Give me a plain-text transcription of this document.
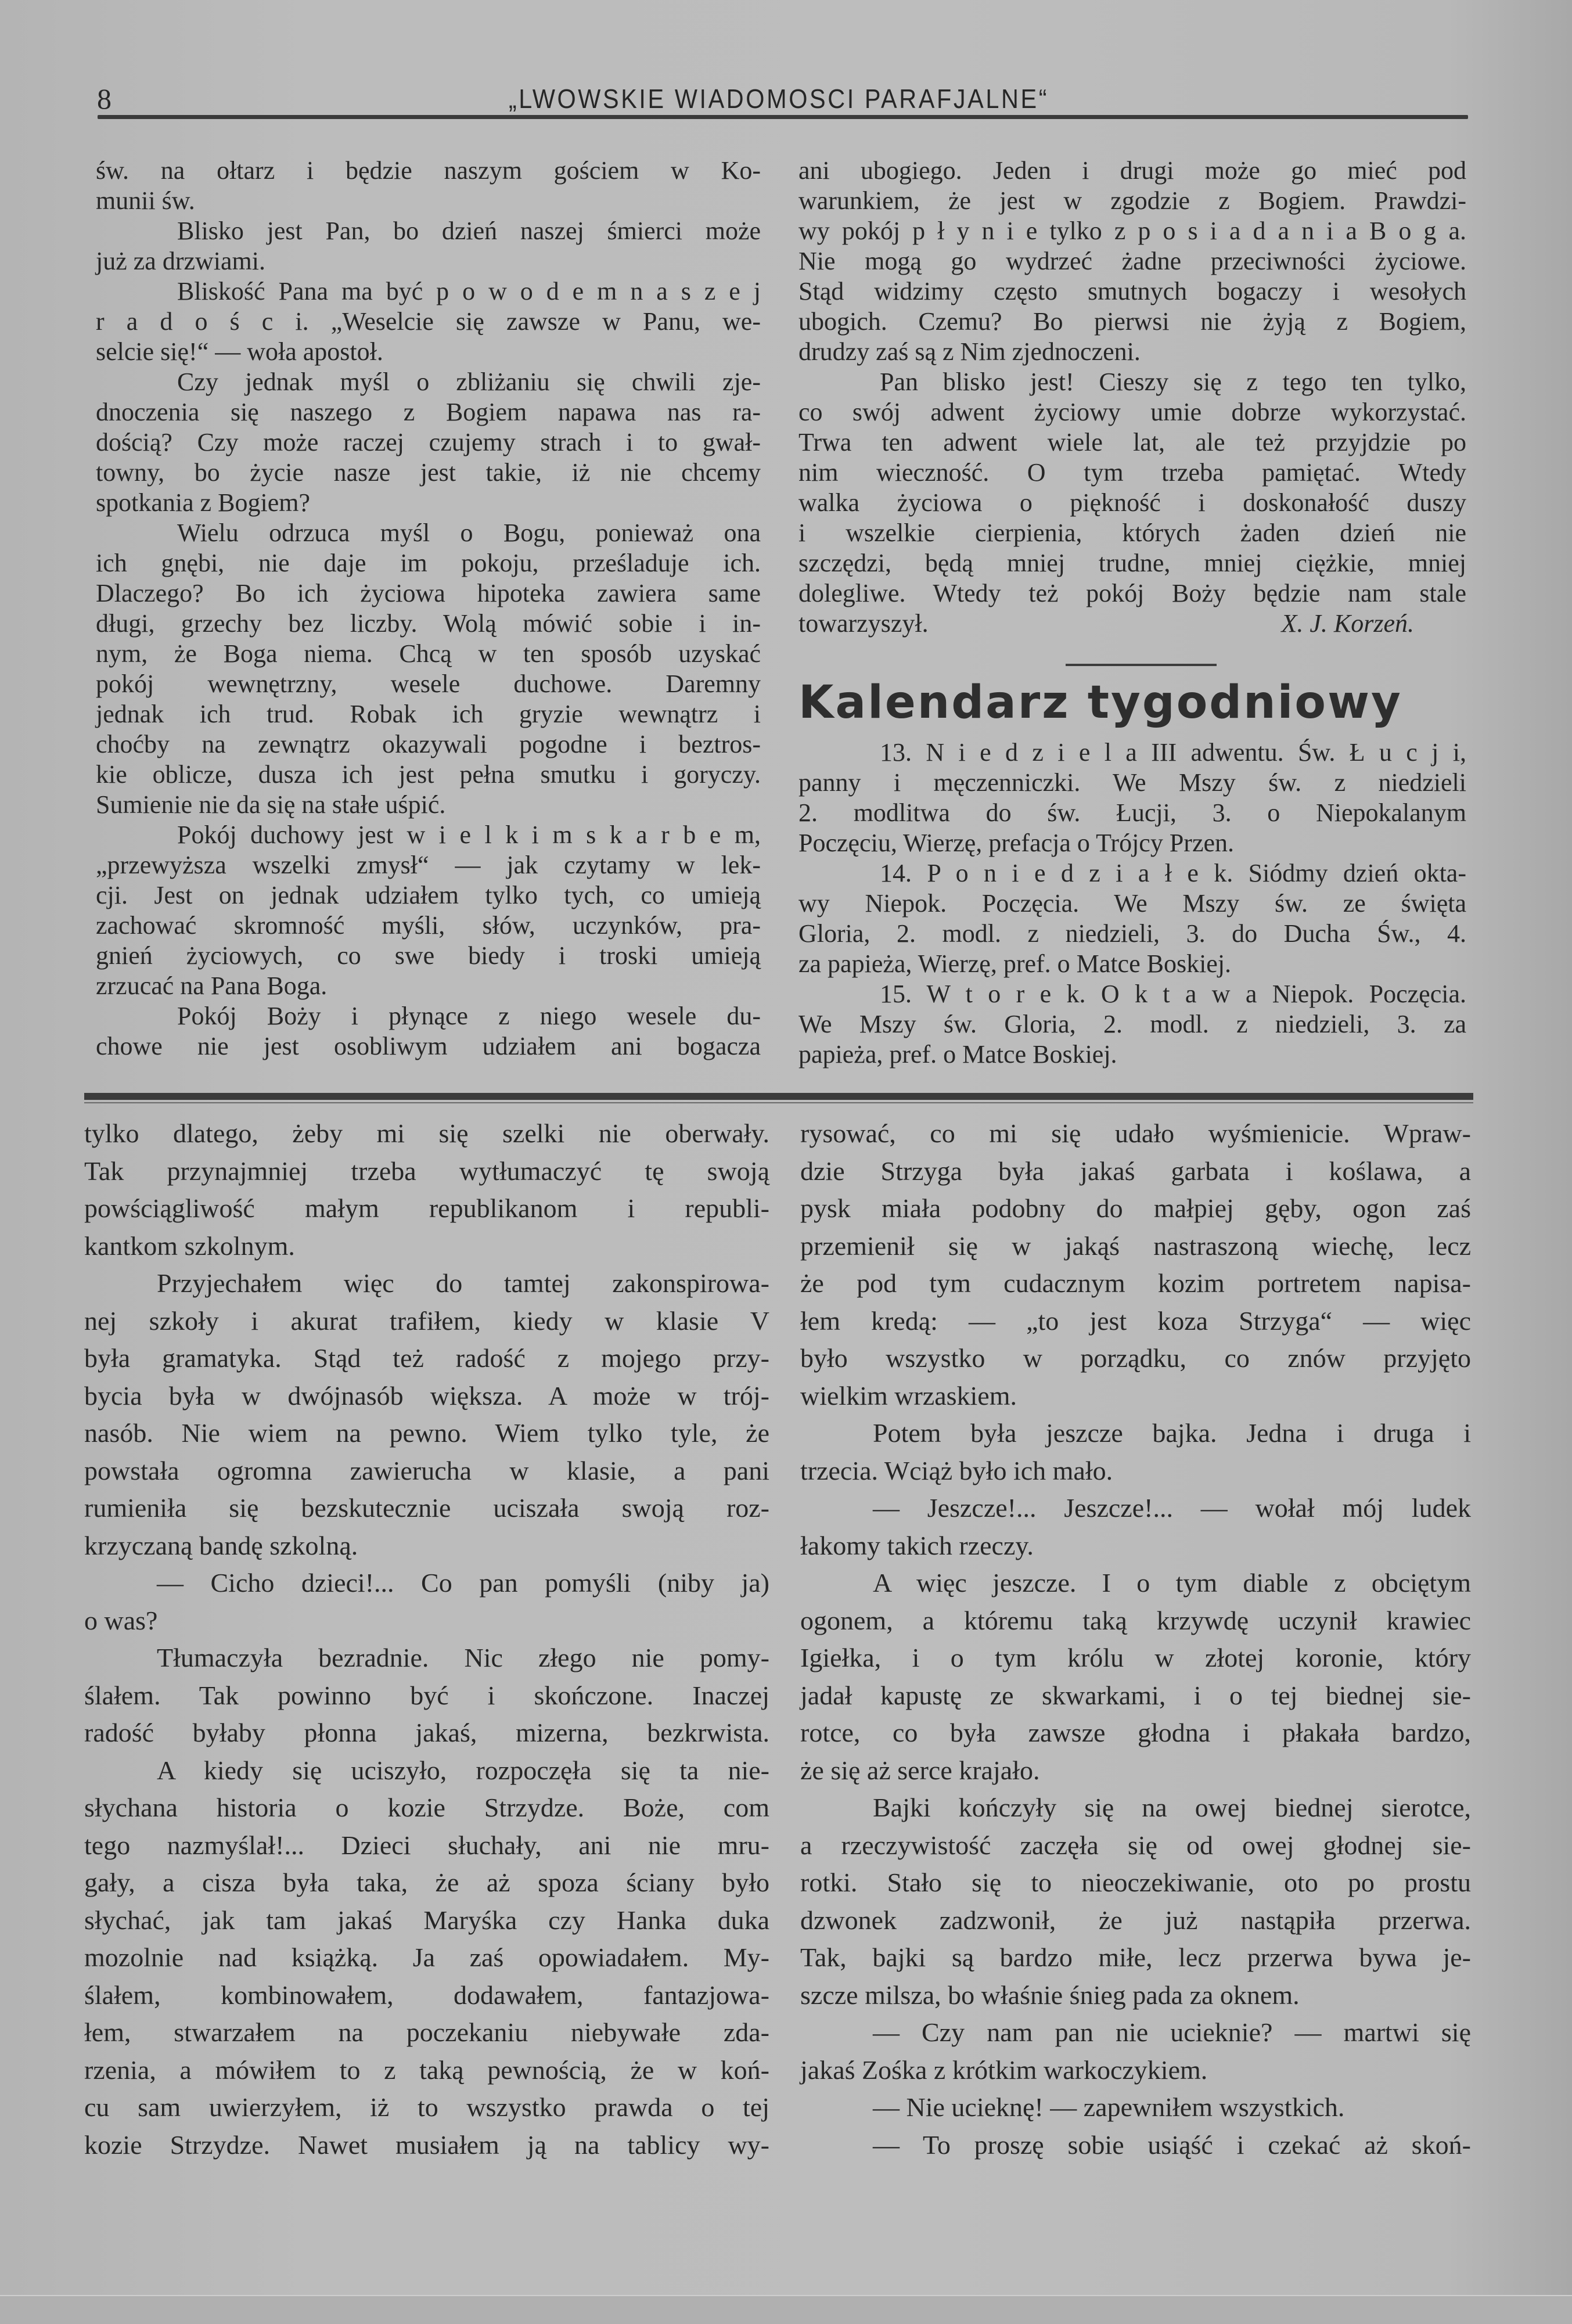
8	„LWOWSKIE WIADOMOSCI PARAFJALNE“
św. na ołtarz i będzie naszym gościem w Ko-
munii św.
Blisko jest Pan, bo dzień naszej śmierci może
już za drzwiami.
Bliskość Pana ma być p o w o d e m n a s z e j
r a d o ś c i. „Weselcie się zawsze w Panu, we-
selcie się!“ — woła apostoł.
Czy jednak myśl o zbliżaniu się chwili zje-
dnoczenia się naszego z Bogiem napawa nas ra-
dością? Czy może raczej czujemy strach i to gwał-
towny, bo życie nasze jest takie, iż nie chcemy
spotkania z Bogiem?
Wielu odrzuca myśl o Bogu, ponieważ ona
ich gnębi, nie daje im pokoju, prześladuje ich.
Dlaczego? Bo ich życiowa hipoteka zawiera same
długi, grzechy bez liczby. Wolą mówić sobie i in-
nym, że Boga niema. Chcą w ten sposób uzyskać
pokój wewnętrzny, wesele duchowe. Daremny
jednak ich trud. Robak ich gryzie wewnątrz i
choćby na zewnątrz okazywali pogodne i beztros-
kie oblicze, dusza ich jest pełna smutku i goryczy.
Sumienie nie da się na stałe uśpić.
Pokój duchowy jest w i e l k i m s k a r b e m,
„przewyższa wszelki zmysł“ — jak czytamy w lek-
cji. Jest on jednak udziałem tylko tych, co umieją
zachować skromność myśli, słów, uczynków, pra-
gnień życiowych, co swe biedy i troski umieją
zrzucać na Pana Boga.
Pokój Boży i płynące z niego wesele du-
chowe nie jest osobliwym udziałem ani bogacza
ani ubogiego. Jeden i drugi może go mieć pod
warunkiem, że jest w zgodzie z Bogiem. Prawdzi-
wy pokój p ł y n i e tylko z p o s i a d a n i a B o g a.
Nie mogą go wydrzeć żadne przeciwności życiowe.
Stąd widzimy często smutnych bogaczy i wesołych
ubogich. Czemu? Bo pierwsi nie żyją z Bogiem,
drudzy zaś są z Nim zjednoczeni.
Pan blisko jest! Cieszy się z tego ten tylko,
co swój adwent życiowy umie dobrze wykorzystać.
Trwa ten adwent wiele lat, ale też przyjdzie po
nim wieczność. O tym trzeba pamiętać. Wtedy
walka życiowa o piękność i doskonałość duszy
i wszelkie cierpienia, których żaden dzień nie
szczędzi, będą mniej trudne, mniej ciężkie, mniej
dolegliwe. Wtedy też pokój Boży będzie nam stale
towarzyszył.	X. J. Korzeń.
Kalendarz tygodniowy
13. N i e d z i e l a III adwentu. Św. Ł u c j i,
panny i męczenniczki. We Mszy św. z niedzieli
2. modlitwa do św. Łucji, 3. o Niepokalanym
Poczęciu, Wierzę, prefacja o Trójcy Przen.
14. P o n i e d z i a ł e k. Siódmy dzień okta-
wy Niepok. Poczęcia. We Mszy św. ze święta
Gloria, 2. modl. z niedzieli, 3. do Ducha Św., 4.
za papieża, Wierzę, pref. o Matce Boskiej.
15. W t o r e k. O k t a w a Niepok. Poczęcia.
We Mszy św. Gloria, 2. modl. z niedzieli, 3. za
papieża, pref. o Matce Boskiej.
tylko dlatego, żeby mi się szelki nie oberwały.
Tak przynajmniej trzeba wytłumaczyć tę swoją
powściągliwość małym republikanom i republi-
kantkom szkolnym.
Przyjechałem więc do tamtej zakonspirowa-
nej szkoły i akurat trafiłem, kiedy w klasie V
była gramatyka. Stąd też radość z mojego przy-
bycia była w dwójnasób większa. A może w trój-
nasób. Nie wiem na pewno. Wiem tylko tyle, że
powstała ogromna zawierucha w klasie, a pani
rumieniła się bezskutecznie uciszała swoją roz-
krzyczaną bandę szkolną.
— Cicho dzieci!... Co pan pomyśli (niby ja)
o was?
Tłumaczyła bezradnie. Nic złego nie pomy-
ślałem. Tak powinno być i skończone. Inaczej
radość byłaby płonna jakaś, mizerna, bezkrwista.
A kiedy się uciszyło, rozpoczęła się ta nie-
słychana historia o kozie Strzydze. Boże, com
tego nazmyślał!... Dzieci słuchały, ani nie mru-
gały, a cisza była taka, że aż spoza ściany było
słychać, jak tam jakaś Maryśka czy Hanka duka
mozolnie nad książką. Ja zaś opowiadałem. My-
ślałem, kombinowałem, dodawałem, fantazjowa-
łem, stwarzałem na poczekaniu niebywałe zda-
rzenia, a mówiłem to z taką pewnością, że w koń-
cu sam uwierzyłem, iż to wszystko prawda o tej
kozie Strzydze. Nawet musiałem ją na tablicy wy-
rysować, co mi się udało wyśmienicie. Wpraw-
dzie Strzyga była jakaś garbata i koślawa, a
pysk miała podobny do małpiej gęby, ogon zaś
przemienił się w jakąś nastraszoną wiechę, lecz
że pod tym cudacznym kozim portretem napisa-
łem kredą: — „to jest koza Strzyga“ — więc
było wszystko w porządku, co znów przyjęto
wielkim wrzaskiem.
Potem była jeszcze bajka. Jedna i druga i
trzecia. Wciąż było ich mało.
— Jeszcze!... Jeszcze!... — wołał mój ludek
łakomy takich rzeczy.
A więc jeszcze. I o tym diable z obciętym
ogonem, a któremu taką krzywdę uczynił krawiec
Igiełka, i o tym królu w złotej koronie, który
jadał kapustę ze skwarkami, i o tej biednej sie-
rotce, co była zawsze głodna i płakała bardzo,
że się aż serce krajało.
Bajki kończyły się na owej biednej sierotce,
a rzeczywistość zaczęła się od owej głodnej sie-
rotki. Stało się to nieoczekiwanie, oto po prostu
dzwonek zadzwonił, że już nastąpiła przerwa.
Tak, bajki są bardzo miłe, lecz przerwa bywa je-
szcze milsza, bo właśnie śnieg pada za oknem.
— Czy nam pan nie ucieknie? — martwi się
jakaś Zośka z krótkim warkoczykiem.
— Nie ucieknę! — zapewniłem wszystkich.
— To proszę sobie usiąść i czekać aż skoń-
